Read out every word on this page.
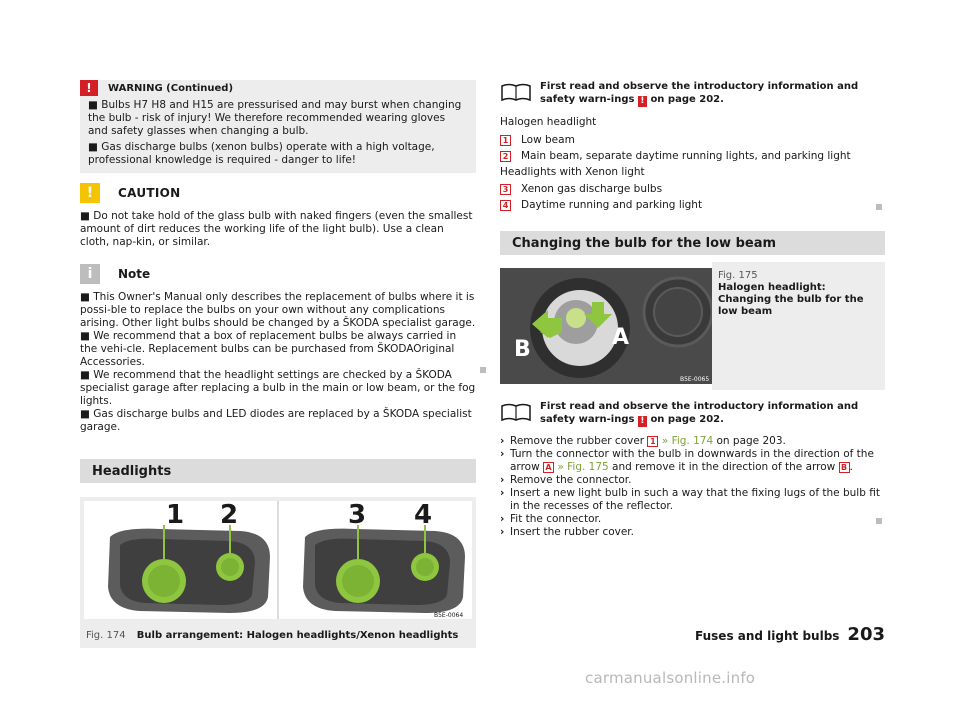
!	WARNING (Continued)

■ Bulbs H7 H8 and H15 are pressurised and may burst when changing the bulb - risk of injury! We therefore recommended wearing gloves and safety glasses when changing a bulb.

■ Gas discharge bulbs (xenon bulbs) operate with a high voltage, professional knowledge is required - danger to life!

!	CAUTION

■ Do not take hold of the glass bulb with naked fingers (even the smallest amount of dirt reduces the working life of the light bulb). Use a clean cloth, nap-kin, or similar.

i	Note

■ This Owner's Manual only describes the replacement of bulbs where it is possi-ble to replace the bulbs on your own without any complications arising. Other light bulbs should be changed by a ŠKODA specialist garage.

■ We recommend that a box of replacement bulbs be always carried in the vehi-cle. Replacement bulbs can be purchased from ŠKODAOriginal Accessories.

■ We recommend that the headlight settings are checked by a ŠKODA specialist garage after replacing a bulb in the main or low beam, or the fog lights.

■ Gas discharge bulbs and LED diodes are replaced by a ŠKODA specialist garage.

Headlights
1 2	3 4
B5E-0064
Fig. 174 Bulb arrangement: Halogen headlights/Xenon headlights
First read and observe the introductory information and safety warn-ings ! on page 202.
Halogen headlight
1 Low beam
2 Main beam, separate daytime running lights, and parking light
Headlights with Xenon light
3 Xenon gas discharge bulbs
4 Daytime running and parking light
Changing the bulb for the low beam
A
B
B5E-0065
Fig. 175
Halogen headlight: Changing the bulb for the low beam
First read and observe the introductory information and safety warn-ings ! on page 202.
› Remove the rubber cover 1 » Fig. 174 on page 203.
› Turn the connector with the bulb in downwards in the direction of the arrow A » Fig. 175 and remove it in the direction of the arrow B .
› Remove the connector.
› Insert a new light bulb in such a way that the fixing lugs of the bulb fit in the recesses of the reflector.
› Fit the connector.
› Insert the rubber cover.
Fuses and light bulbs 203
carmanualsonline.info
